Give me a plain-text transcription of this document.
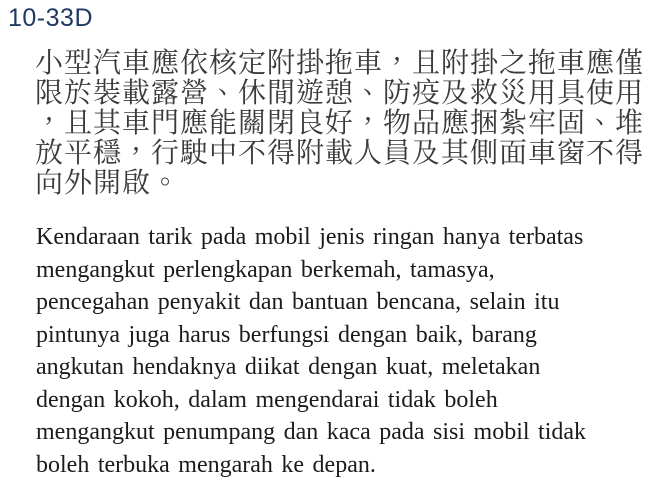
10-33D
小型汽車應依核定附掛拖車，且附掛之拖車應僅
限於裝載露營、休閒遊憩、防疫及救災用具使用
，且其車門應能關閉良好，物品應捆紮牢固、堆
放平穩，行駛中不得附載人員及其側面車窗不得
向外開啟。
Kendaraan tarik pada mobil jenis ringan hanya terbatas
mengangkut perlengkapan berkemah, tamasya,
pencegahan penyakit dan bantuan bencana, selain itu
pintunya juga harus berfungsi dengan baik, barang
angkutan hendaknya diikat dengan kuat, meletakan
dengan kokoh, dalam mengendarai tidak boleh
mengangkut penumpang dan kaca pada sisi mobil tidak
boleh terbuka mengarah ke depan.
